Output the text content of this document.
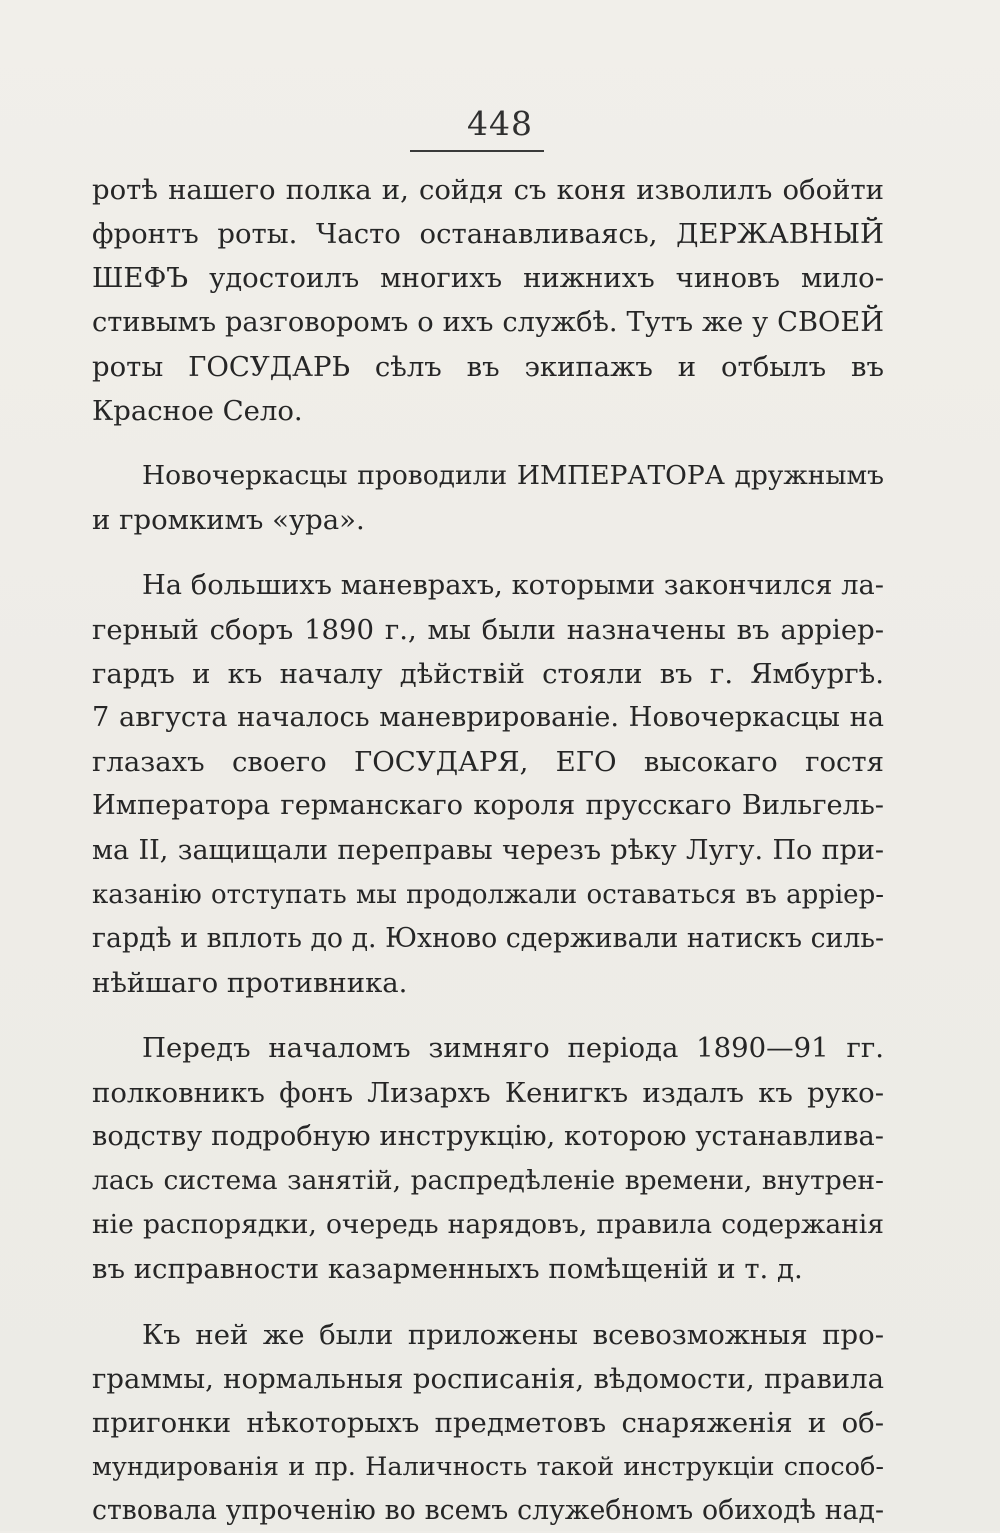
448
ротѣ нашего полка и, сойдя съ коня изволилъ обойти
фронтъ роты. Часто останавливаясь, ДЕРЖАВНЫЙ
ШЕФЪ удостоилъ многихъ нижнихъ чиновъ мило-
стивымъ разговоромъ о ихъ службѣ. Тутъ же у СВОЕЙ
роты ГОСУДАРЬ сѣлъ въ экипажъ и отбылъ въ
Красное Село.
Новочеркасцы проводили ИМПЕРАТОРА дружнымъ
и громкимъ «ура».
На большихъ маневрахъ, которыми закончился ла-
герный сборъ 1890 г., мы были назначены въ аррiер-
гардъ и къ началу дѣйствiй стояли въ г. Ямбургѣ.
7 августа началось маневрированiе. Новочеркасцы на
глазахъ своего ГОСУДАРЯ, ЕГО высокаго гостя
Императора германскаго короля прусскаго Вильгель-
ма II, защищали переправы черезъ рѣку Лугу. По при-
казанiю отступать мы продолжали оставаться въ аррiер-
гардѣ и вплоть до д. Юхново сдерживали натискъ силь-
нѣйшаго противника.
Передъ началомъ зимняго перiода 1890—91 гг.
полковникъ фонъ Лизархъ Кенигкъ издалъ къ руко-
водству подробную инструкцiю, которою устанавлива-
лась система занятiй, распредѣленiе времени, внутрен-
нiе распорядки, очередь нарядовъ, правила содержанiя
въ исправности казарменныхъ помѣщенiй и т. д.
Къ ней же были приложены всевозможныя про-
граммы, нормальныя росписанiя, вѣдомости, правила
пригонки нѣкоторыхъ предметовъ снаряженiя и об-
мундированiя и пр. Наличность такой инструкцiи способ-
ствовала упроченiю во всемъ служебномъ обиходѣ над-
